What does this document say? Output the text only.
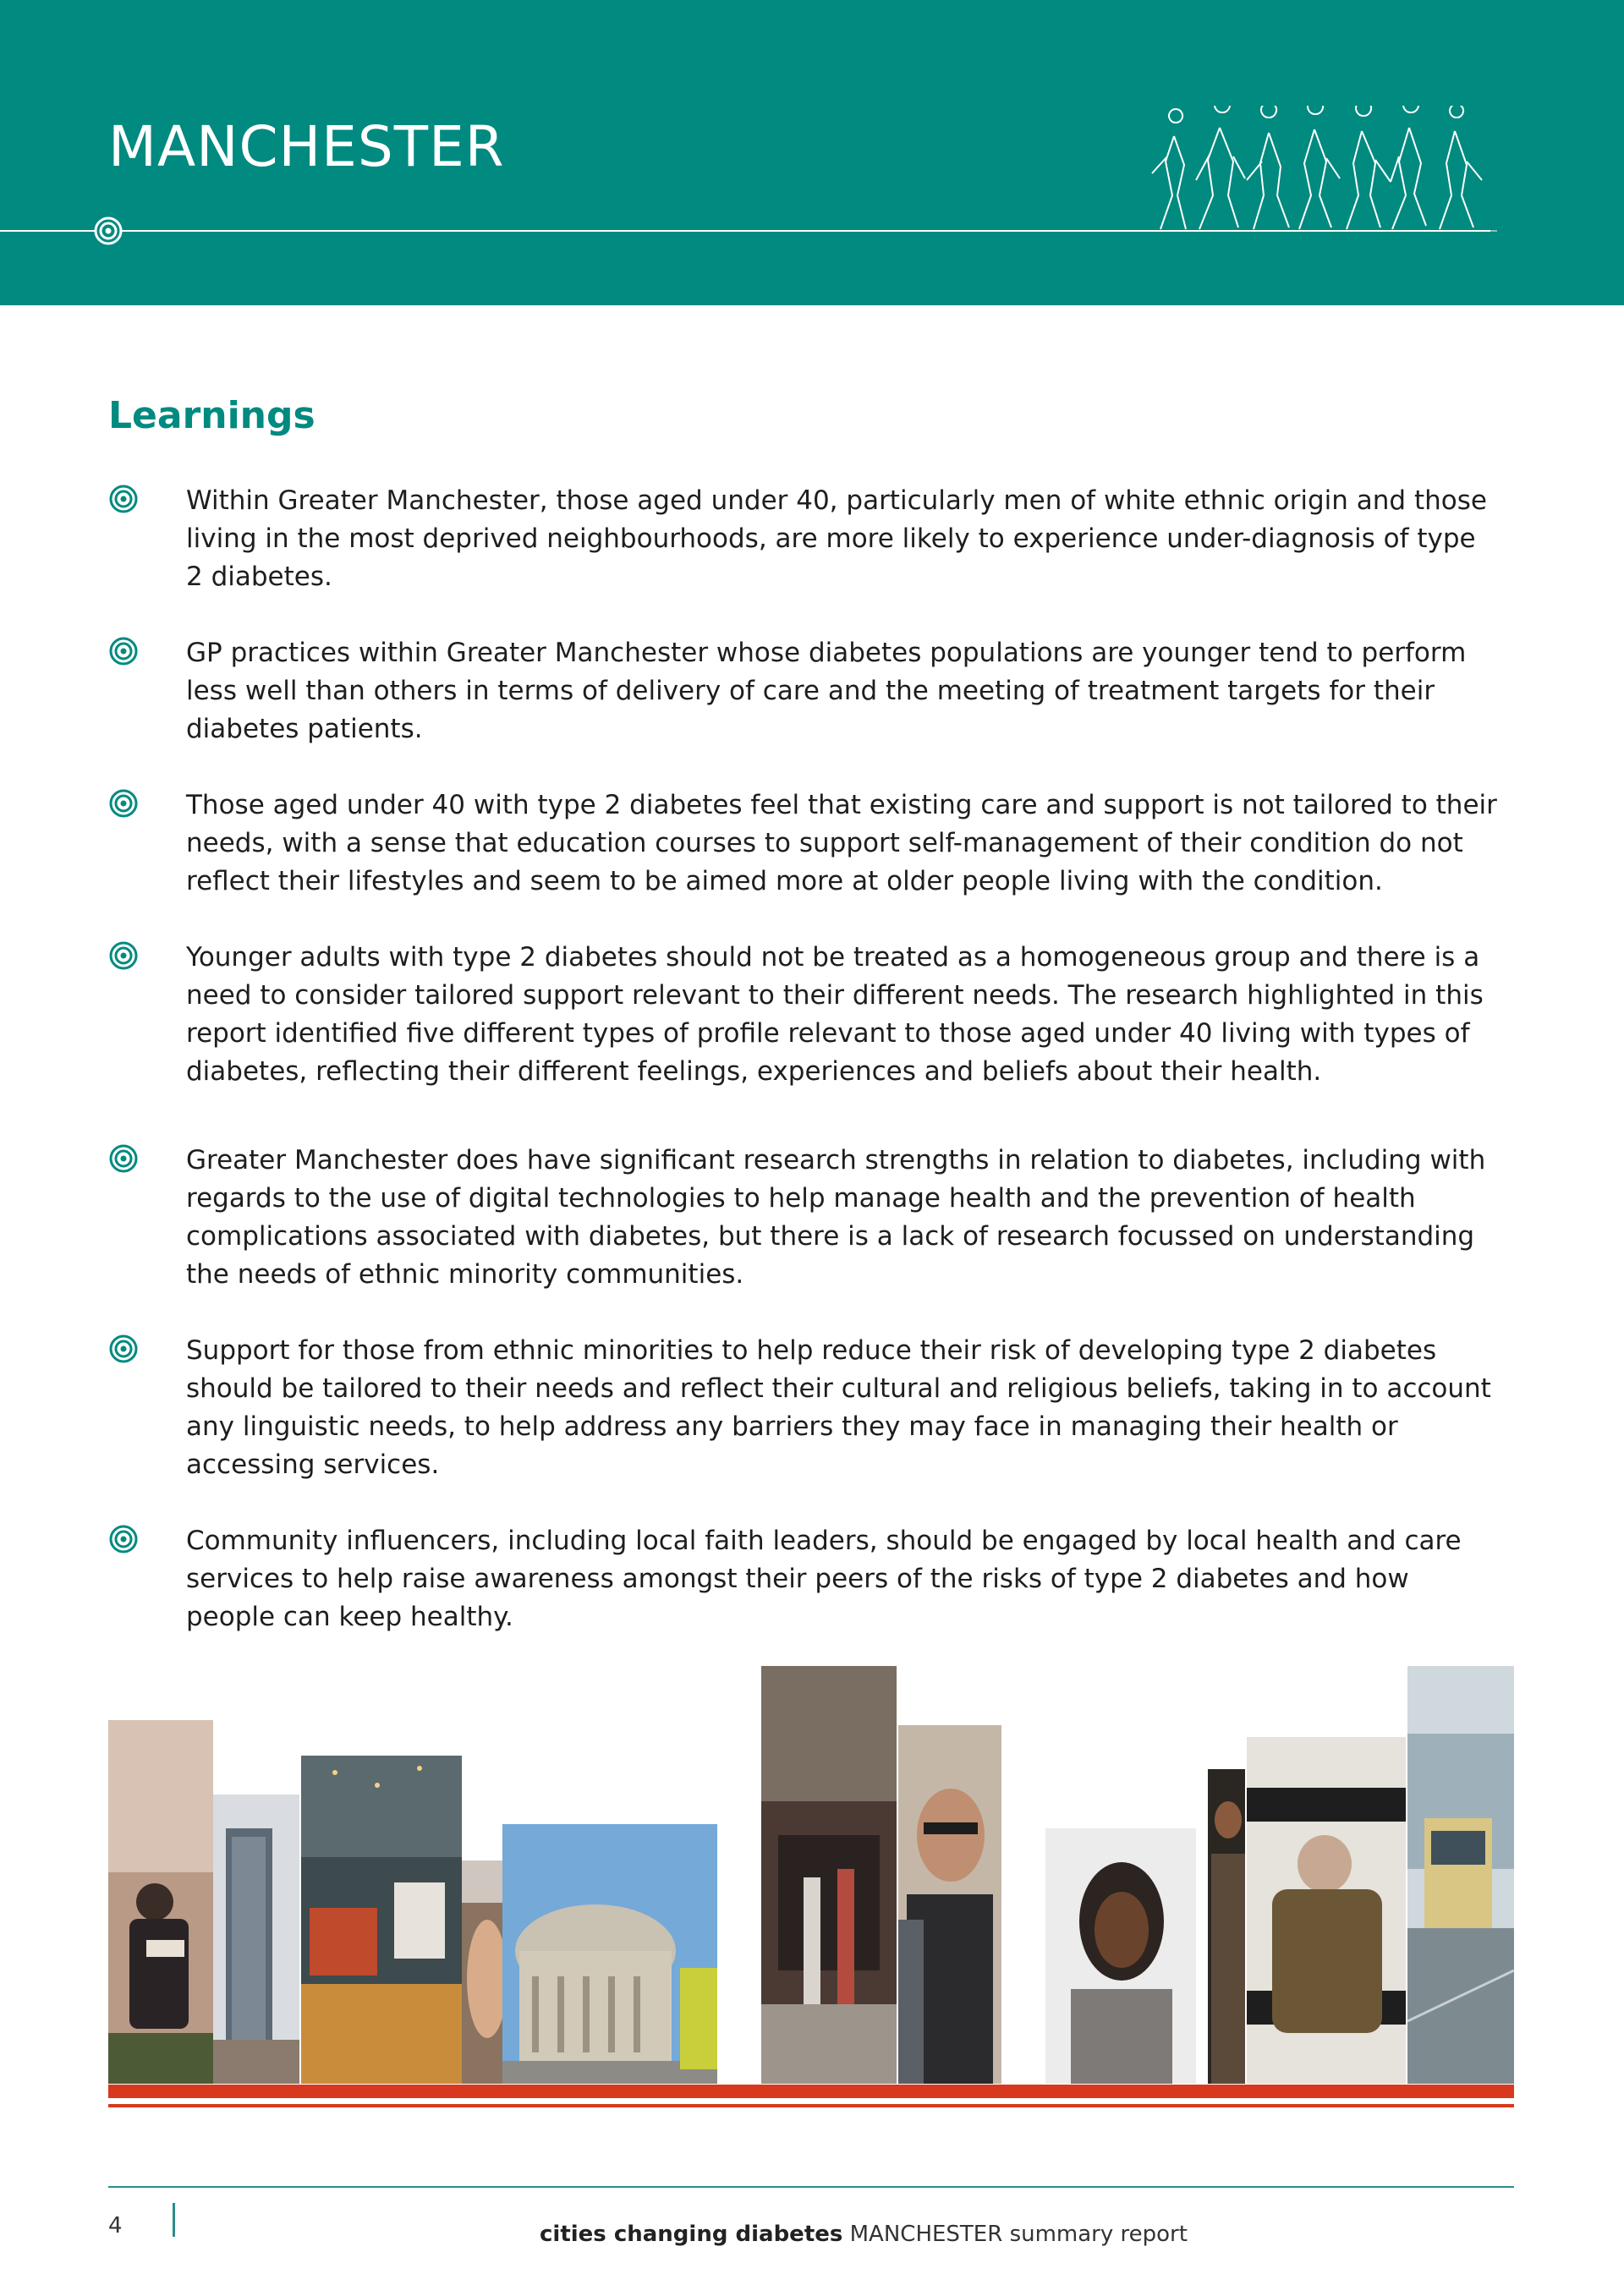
MANCHESTER
Learnings
Within Greater Manchester, those aged under 40, particularly men of white ethnic origin and those living in the most deprived neighbourhoods, are more likely to experience under-diagnosis of type 2 diabetes.
GP practices within Greater Manchester whose diabetes populations are younger tend to perform less well than others in terms of delivery of care and the meeting of treatment targets for their diabetes patients.
Those aged under 40 with type 2 diabetes feel that existing care and support is not tailored to their needs, with a sense that education courses to support self-management of their condition do not reflect their lifestyles and seem to be aimed more at older people living with the condition.
Younger adults with type 2 diabetes should not be treated as a homogeneous group and there is a need to consider tailored support relevant to their different needs. The research highlighted in this report identified five different types of profile relevant to those aged under 40 living with types of diabetes, reflecting their different feelings, experiences and beliefs about their health.
Greater Manchester does have significant research strengths in relation to diabetes, including with regards to the use of digital technologies to help manage health and the prevention of health complications associated with diabetes, but there is a lack of research focussed on understanding the needs of ethnic minority communities.
Support for those from ethnic minorities to help reduce their risk of developing type 2 diabetes should be tailored to their needs and reflect their cultural and religious beliefs, taking in to account any linguistic needs, to help address any barriers they may face in managing their health or accessing services.
Community influencers, including local faith leaders, should be engaged by local health and care services to help raise awareness amongst their peers of the risks of type 2 diabetes and how people can keep healthy.
4	cities changing diabetes MANCHESTER summary report
